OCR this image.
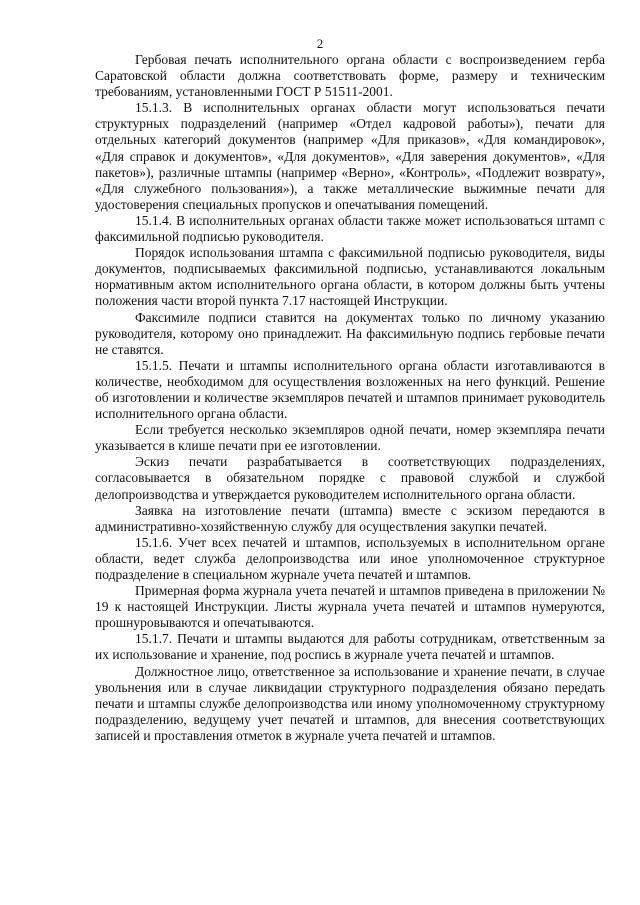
2

Гербовая печать исполнительного органа области с воспроизведением герба Саратовской области должна соответствовать форме, размеру и техническим требованиям, установленными ГОСТ Р 51511-2001.

15.1.3. В исполнительных органах области могут использоваться печати структурных подразделений (например «Отдел кадровой работы»), печати для отдельных категорий документов (например «Для приказов», «Для командировок», «Для справок и документов», «Для документов», «Для заверения документов», «Для пакетов»), различные штампы (например «Верно», «Контроль», «Подлежит возврату», «Для служебного пользования»), а также металлические выжимные печати для удостоверения специальных пропусков и опечатывания помещений.

15.1.4. В исполнительных органах области также может использоваться штамп с факсимильной подписью руководителя.

Порядок использования штампа с факсимильной подписью руководителя, виды документов, подписываемых факсимильной подписью, устанавливаются локальным нормативным актом исполнительного органа области, в котором должны быть учтены положения части второй пункта 7.17 настоящей Инструкции.

Факсимиле подписи ставится на документах только по личному указанию руководителя, которому оно принадлежит. На факсимильную подпись гербовые печати не ставятся.

15.1.5. Печати и штампы исполнительного органа области изготавливаются в количестве, необходимом для осуществления возложенных на него функций. Решение об изготовлении и количестве экземпляров печатей и штампов принимает руководитель исполнительного органа области.

Если требуется несколько экземпляров одной печати, номер экземпляра печати указывается в клише печати при ее изготовлении.

Эскиз печати разрабатывается в соответствующих подразделениях, согласовывается в обязательном порядке с правовой службой и службой делопроизводства и утверждается руководителем исполнительного органа области.

Заявка на изготовление печати (штампа) вместе с эскизом передаются в административно-хозяйственную службу для осуществления закупки печатей.

15.1.6. Учет всех печатей и штампов, используемых в исполнительном органе области, ведет служба делопроизводства или иное уполномоченное структурное подразделение в специальном журнале учета печатей и штампов.

Примерная форма журнала учета печатей и штампов приведена в приложении № 19 к настоящей Инструкции. Листы журнала учета печатей и штампов нумеруются, прошнуровываются и опечатываются.

15.1.7. Печати и штампы выдаются для работы сотрудникам, ответственным за их использование и хранение, под роспись в журнале учета печатей и штампов.

Должностное лицо, ответственное за использование и хранение печати, в случае увольнения или в случае ликвидации структурного подразделения обязано передать печати и штампы службе делопроизводства или иному уполномоченному структурному подразделению, ведущему учет печатей и штампов, для внесения соответствующих записей и проставления отметок в журнале учета печатей и штампов.
